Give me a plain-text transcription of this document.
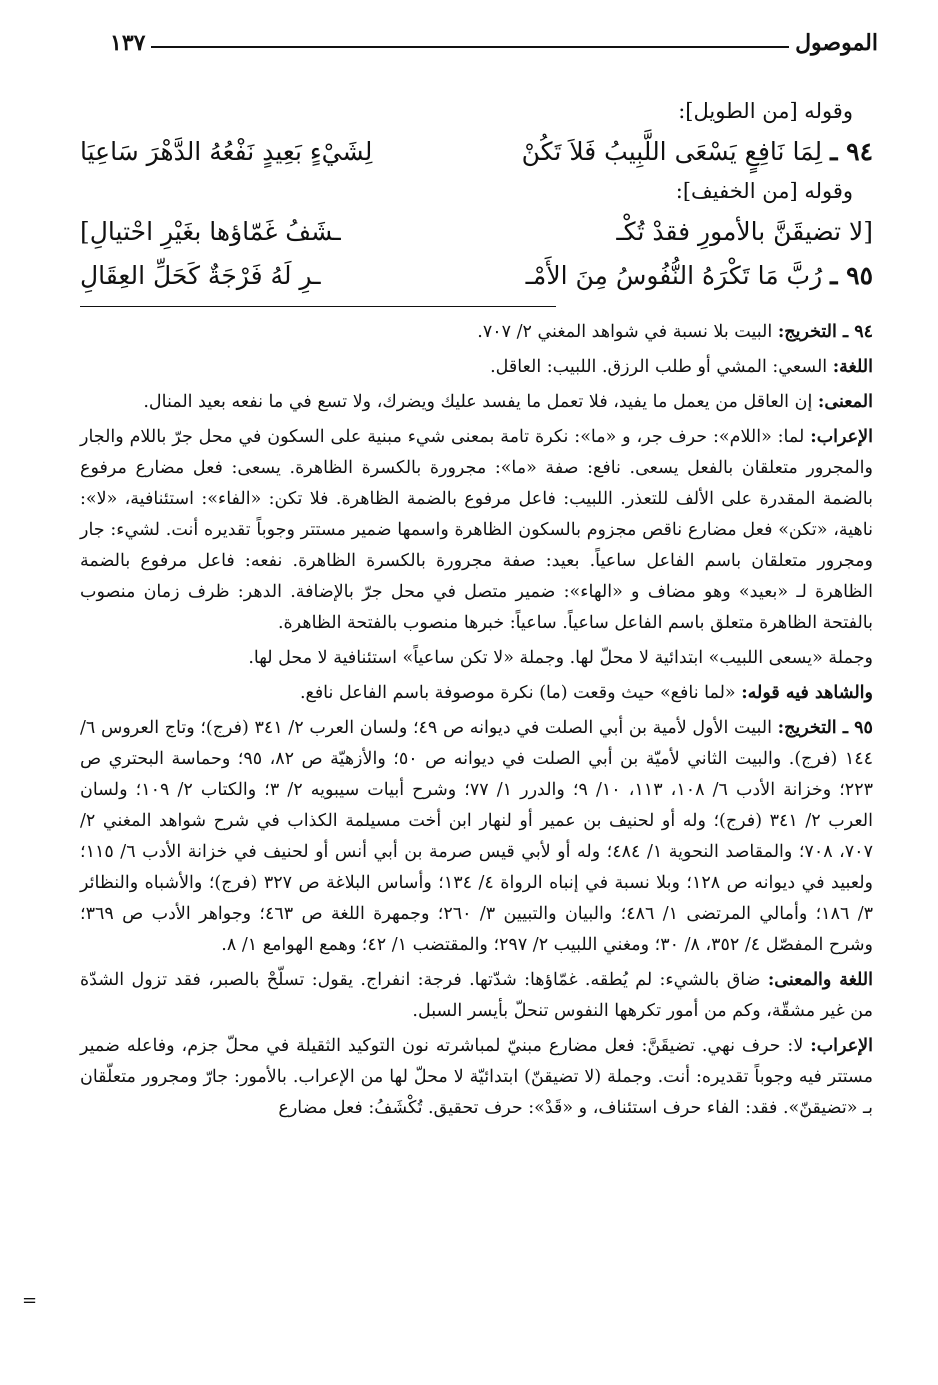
الموصول
١٣٧
وقوله [من الطويل]:
٩٤ ـ لِمَا نَافِعٍ يَسْعَى اللَّبِيبُ فَلاَ تَكُنْ
لِشَيْءٍ بَعِيدٍ نَفْعُهُ الدَّهْرَ سَاعِيَا
وقوله [من الخفيف]:
[لا تضيقَنَّ بالأمورِ فقدْ تُكْـ
ـشَفُ غَمّاؤها بغَيْرِ احْتيالِ]
٩٥ ـ رُبَّ مَا تَكْرَهُ النُّفُوسُ مِنَ الأَمْـ
ـرِ لَهُ فَرْجَةٌ كَحَلِّ العِقَالِ

٩٤ ـ التخريج: البيت بلا نسبة في شواهد المغني ٢/ ٧٠٧.

اللغة: السعي: المشي أو طلب الرزق. اللبيب: العاقل.

المعنى: إن العاقل من يعمل ما يفيد، فلا تعمل ما يفسد عليك ويضرك، ولا تسع في ما نفعه بعيد المنال.

الإعراب: لما: «اللام»: حرف جر، و «ما»: نكرة تامة بمعنى شيء مبنية على السكون في محل جرّ باللام والجار والمجرور متعلقان بالفعل يسعى. نافع: صفة «ما»: مجرورة بالكسرة الظاهرة. يسعى: فعل مضارع مرفوع بالضمة المقدرة على الألف للتعذر. اللبيب: فاعل مرفوع بالضمة الظاهرة. فلا تكن: «الفاء»: استئنافية، «لا»: ناهية، «تكن» فعل مضارع ناقص مجزوم بالسكون الظاهرة واسمها ضمير مستتر وجوباً تقديره أنت. لشيء: جار ومجرور متعلقان باسم الفاعل ساعياً. بعيد: صفة مجرورة بالكسرة الظاهرة. نفعه: فاعل مرفوع بالضمة الظاهرة لـ «بعيد» وهو مضاف و «الهاء»: ضمير متصل في محل جرّ بالإضافة. الدهر: ظرف زمان منصوب بالفتحة الظاهرة متعلق باسم الفاعل ساعياً. ساعياً: خبرها منصوب بالفتحة الظاهرة.

وجملة «يسعى اللبيب» ابتدائية لا محلّ لها. وجملة «لا تكن ساعياً» استئنافية لا محل لها.

والشاهد فيه قوله: «لما نافع» حيث وقعت (ما) نكرة موصوفة باسم الفاعل نافع.

٩٥ ـ التخريج: البيت الأول لأمية بن أبي الصلت في ديوانه ص ٤٩؛ ولسان العرب ٢/ ٣٤١ (فرج)؛ وتاج العروس ٦/ ١٤٤ (فرج). والبيت الثاني لأميّة بن أبي الصلت في ديوانه ص ٥٠؛ والأزهيّة ص ٨٢، ٩٥؛ وحماسة البحتري ص ٢٢٣؛ وخزانة الأدب ٦/ ١٠٨، ١١٣، ١٠/ ٩؛ والدرر ١/ ٧٧؛ وشرح أبيات سيبويه ٢/ ٣؛ والكتاب ٢/ ١٠٩؛ ولسان العرب ٢/ ٣٤١ (فرج)؛ وله أو لحنيف بن عمير أو لنهار ابن أخت مسيلمة الكذاب في شرح شواهد المغني ٢/ ٧٠٧، ٧٠٨؛ والمقاصد النحوية ١/ ٤٨٤؛ وله أو لأبي قيس صرمة بن أبي أنس أو لحنيف في خزانة الأدب ٦/ ١١٥؛ ولعبيد في ديوانه ص ١٢٨؛ وبلا نسبة في إنباه الرواة ٤/ ١٣٤؛ وأساس البلاغة ص ٣٢٧ (فرج)؛ والأشباه والنظائر ٣/ ١٨٦؛ وأمالي المرتضى ١/ ٤٨٦؛ والبيان والتبيين ٣/ ٢٦٠؛ وجمهرة اللغة ص ٤٦٣؛ وجواهر الأدب ص ٣٦٩؛ وشرح المفصّل ٤/ ٣٥٢، ٨/ ٣٠؛ ومغني اللبيب ٢/ ٢٩٧؛ والمقتضب ١/ ٤٢؛ وهمع الهوامع ١/ ٨.

اللغة والمعنى: ضاق بالشيء: لم يُطقه. غمّاؤها: شدّتها. فرجة: انفراج. يقول: تسلّحْ بالصبر، فقد تزول الشدّة من غير مشقّة، وكم من أمور تكرهها النفوس تنحلّ بأيسر السبل.

الإعراب: لا: حرف نهي. تضيقَنَّ: فعل مضارع مبنيّ لمباشرته نون التوكيد الثقيلة في محلّ جزم، وفاعله ضمير مستتر فيه وجوباً تقديره: أنت. وجملة (لا تضيقنّ) ابتدائيّة لا محلّ لها من الإعراب. بالأمور: جارّ ومجرور متعلّقان بـ «تضيقنّ». فقد: الفاء حرف استئناف، و «قَدْ»: حرف تحقيق. تُكْشَفُ: فعل مضارع

=
